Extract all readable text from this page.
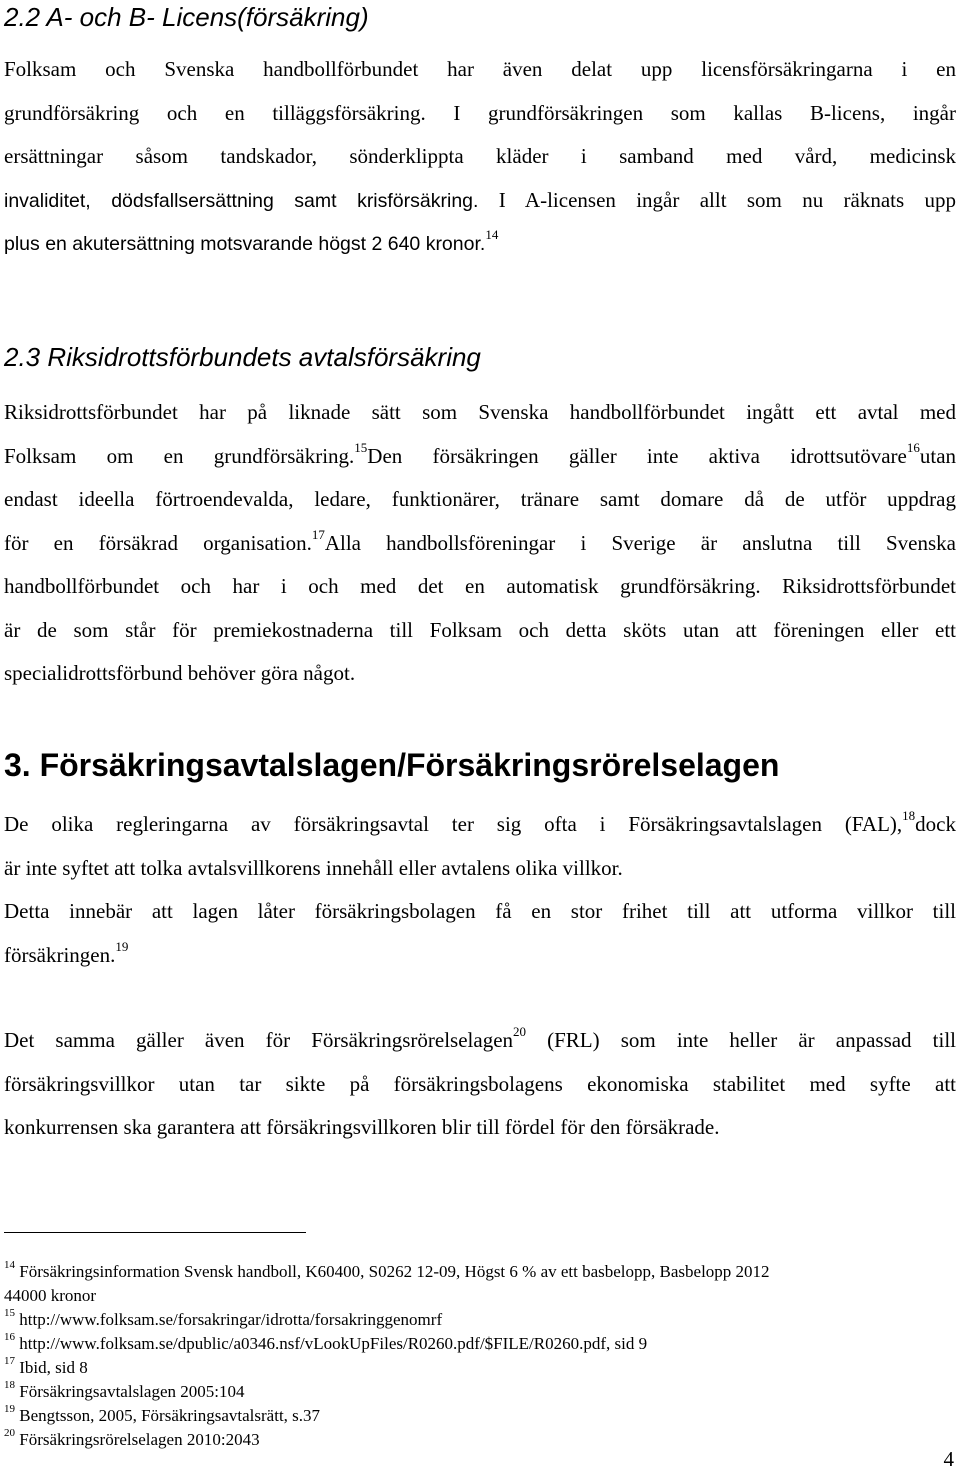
2.2 A- och B- Licens(försäkring)
Folksam och Svenska handbollförbundet har även delat upp licensförsäkringarna i en
grundförsäkring och en tilläggsförsäkring. I grundförsäkringen som kallas B-licens, ingår
ersättningar såsom tandskador, sönderklippta kläder i samband med vård, medicinsk
invaliditet, dödsfallsersättning samt krisförsäkring. I A-licensen ingår allt som nu räknats upp
plus en akutersättning motsvarande högst 2 640 kronor.$^{14}$
2.3 Riksidrottsförbundets avtalsförsäkring
Riksidrottsförbundet har på liknade sätt som Svenska handbollförbundet ingått ett avtal med
Folksam om en grundförsäkring.$^{15}$Den försäkringen gäller inte aktiva idrottsutövare$^{16}$utan
endast ideella förtroendevalda, ledare, funktionärer, tränare samt domare då de utför uppdrag
för en försäkrad organisation.$^{17}$Alla handbollsföreningar i Sverige är anslutna till Svenska
handbollförbundet och har i och med det en automatisk grundförsäkring. Riksidrottsförbundet
är de som står för premiekostnaderna till Folksam och detta sköts utan att föreningen eller ett
specialidrottsförbund behöver göra något.
3. Försäkringsavtalslagen/Försäkringsrörelselagen
De olika regleringarna av försäkringsavtal ter sig ofta i Försäkringsavtalslagen (FAL),$^{18}$dock
är inte syftet att tolka avtalsvillkorens innehåll eller avtalens olika villkor.
Detta innebär att lagen låter försäkringsbolagen få en stor frihet till att utforma villkor till
försäkringen.$^{19}$
Det samma gäller även för Försäkringsrörelselagen$^{20}$ (FRL) som inte heller är anpassad till
försäkringsvillkor utan tar sikte på försäkringsbolagens ekonomiska stabilitet med syfte att
konkurrensen ska garantera att försäkringsvillkoren blir till fördel för den försäkrade.
$^{14}$ Försäkringsinformation Svensk handboll, K60400, S0262 12-09, Högst 6 % av ett basbelopp, Basbelopp 2012
44000 kronor
$^{15}$ http://www.folksam.se/forsakringar/idrotta/forsakringgenomrf
$^{16}$ http://www.folksam.se/dpublic/a0346.nsf/vLookUpFiles/R0260.pdf/$FILE/R0260.pdf, sid 9
$^{17}$ Ibid, sid 8
$^{18}$ Försäkringsavtalslagen 2005:104
$^{19}$ Bengtsson, 2005, Försäkringsavtalsrätt, s.37
$^{20}$ Försäkringsrörelselagen 2010:2043
4
